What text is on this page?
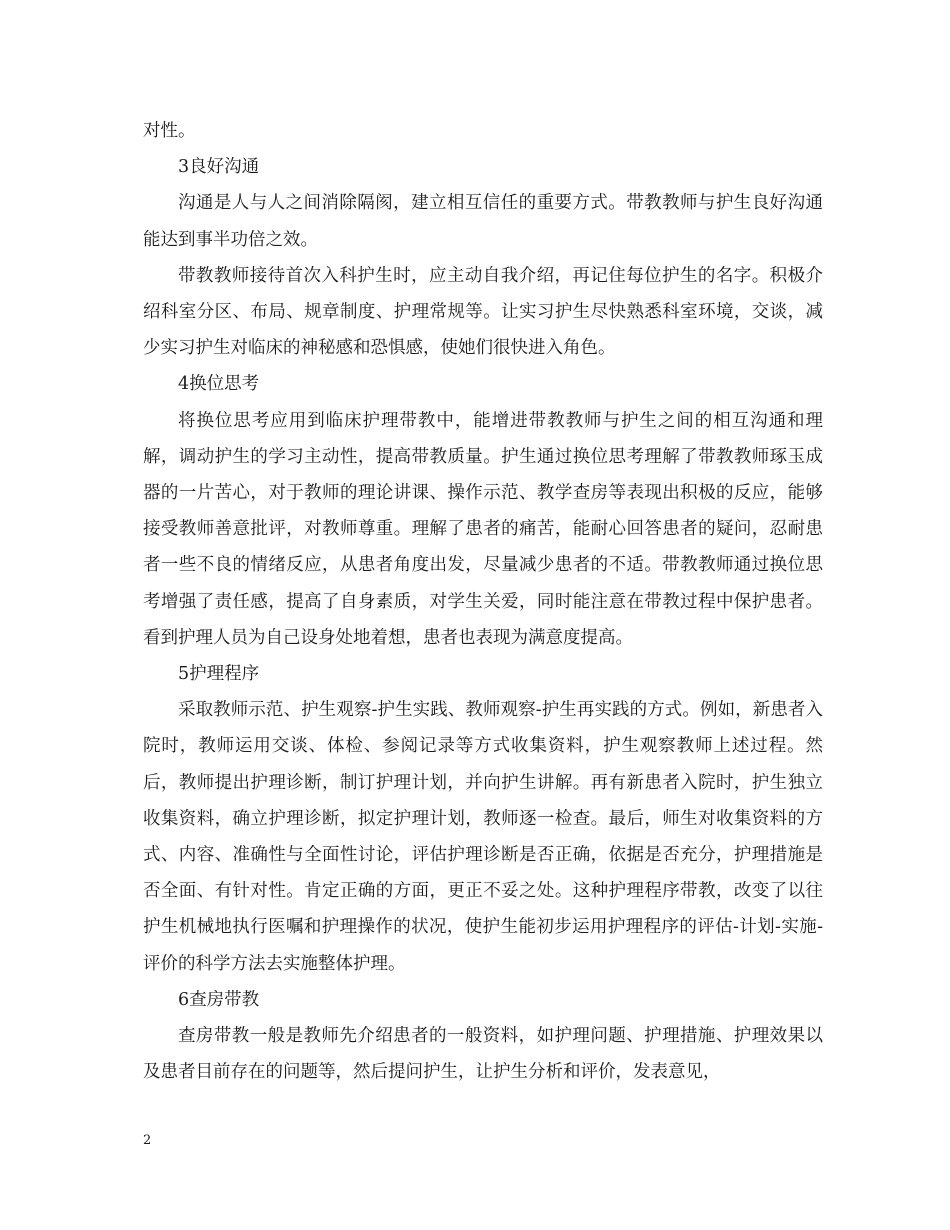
对性。

3良好沟通

沟通是人与人之间消除隔阂，建立相互信任的重要方式。带教教师与护生良好沟通能达到事半功倍之效。

带教教师接待首次入科护生时，应主动自我介绍，再记住每位护生的名字。积极介绍科室分区、布局、规章制度、护理常规等。让实习护生尽快熟悉科室环境，交谈，减少实习护生对临床的神秘感和恐惧感，使她们很快进入角色。

4换位思考

将换位思考应用到临床护理带教中，能增进带教教师与护生之间的相互沟通和理解，调动护生的学习主动性，提高带教质量。护生通过换位思考理解了带教教师琢玉成器的一片苦心，对于教师的理论讲课、操作示范、教学查房等表现出积极的反应，能够接受教师善意批评，对教师尊重。理解了患者的痛苦，能耐心回答患者的疑问，忍耐患者一些不良的情绪反应，从患者角度出发，尽量减少患者的不适。带教教师通过换位思考增强了责任感，提高了自身素质，对学生关爱，同时能注意在带教过程中保护患者。看到护理人员为自己设身处地着想，患者也表现为满意度提高。

5护理程序

采取教师示范、护生观察-护生实践、教师观察-护生再实践的方式。例如，新患者入院时，教师运用交谈、体检、参阅记录等方式收集资料，护生观察教师上述过程。然后，教师提出护理诊断，制订护理计划，并向护生讲解。再有新患者入院时，护生独立收集资料，确立护理诊断，拟定护理计划，教师逐一检查。最后，师生对收集资料的方式、内容、准确性与全面性讨论，评估护理诊断是否正确，依据是否充分，护理措施是否全面、有针对性。肯定正确的方面，更正不妥之处。这种护理程序带教，改变了以往护生机械地执行医嘱和护理操作的状况，使护生能初步运用护理程序的评估-计划-实施-评价的科学方法去实施整体护理。

6查房带教

查房带教一般是教师先介绍患者的一般资料，如护理问题、护理措施、护理效果以及患者目前存在的问题等，然后提问护生，让护生分析和评价，发表意见，

2
